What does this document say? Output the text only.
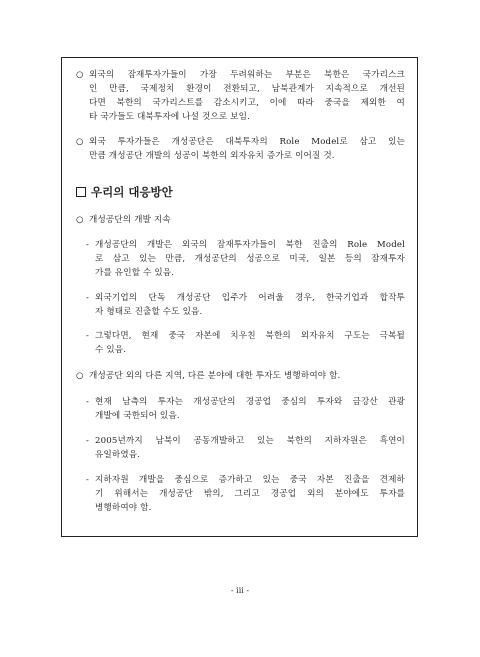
○ 외국의 잠재투자가들이 가장 두려워하는 부분은 북한은 국가리스크
인 만큼, 국제정치 환경이 전환되고, 남북관계가 지속적으로 개선된
다면 북한의 국가리스트를 감소시키고, 이에 따라 중국을 제외한 여
타 국가들도 대북투자에 나설 것으로 보임.
○ 외국 투자가들은 개성공단은 대북투자의 Role Model로 삼고 있는
만큼 개성공단 개발의 성공이 북한의 외자유치 증가로 이어질 것.
우리의 대응방안
○ 개성공단의 개발 지속
- 개성공단의 개발은 외국의 잠재투자가들이 북한 진출의 Role Model
로 삼고 있는 만큼, 개성공단의 성공으로 미국, 일본 등의 잠재투자
가를 유인할 수 있음.
- 외국기업의 단독 개성공단 입주가 어려울 경우, 한국기업과 합작투
자 형태로 진출할 수도 있음.
- 그렇다면, 현재 중국 자본에 치우친 북한의 외자유치 구도는 극복될
수 있음.
○ 개성공단 외의 다른 지역, 다른 분야에 대한 투자도 병행하여야 함.
- 현재 남측의 투자는 개성공단의 경공업 중심의 투자와 금강산 관광
개발에 국한되어 있음.
- 2005년까지 남북이 공동개발하고 있는 북한의 지하자원은 흑연이
유일하였음.
- 지하자원 개발을 중심으로 증가하고 있는 중국 자본 진출을 견제하
기 위해서는 개성공단 밖의, 그리고 경공업 외의 분야에도 투자를
병행하여야 함.
- iii -
